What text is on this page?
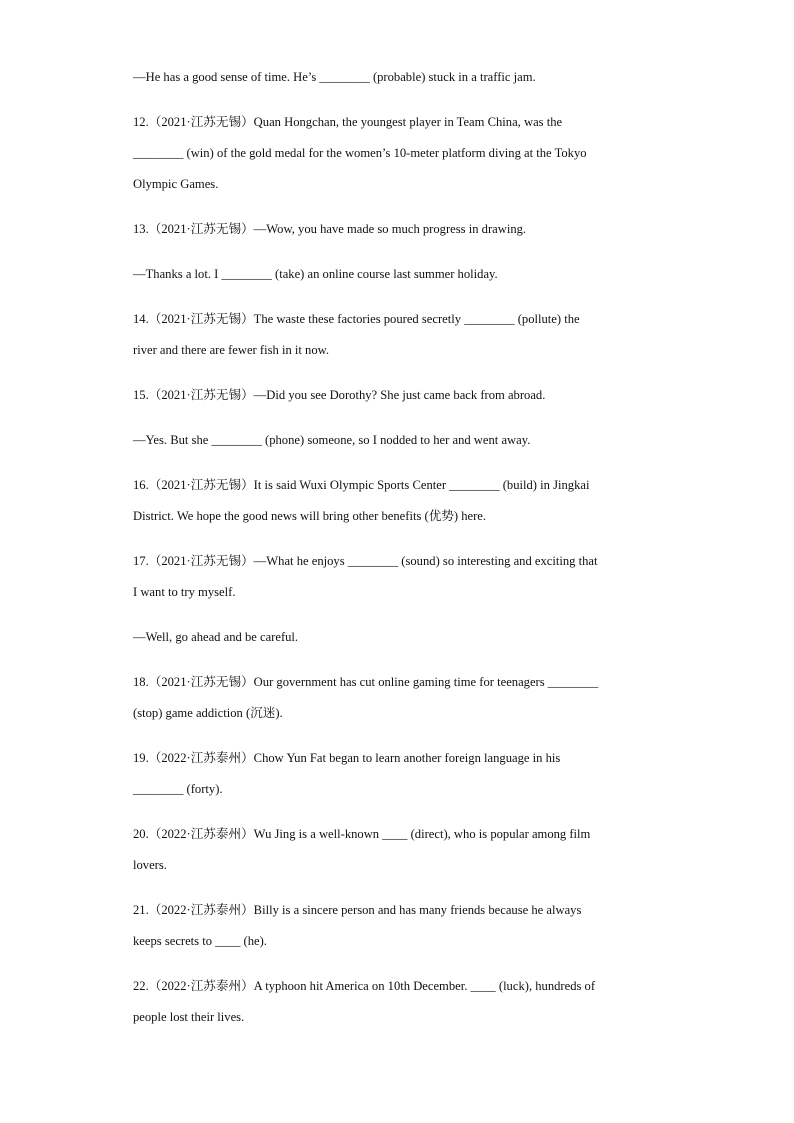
—He has a good sense of time. He’s ________ (probable) stuck in a traffic jam.
12.（2021·江苏无锡）Quan Hongchan, the youngest player in Team China, was the
________ (win) of the gold medal for the women’s 10-meter platform diving at the Tokyo
Olympic Games.
13.（2021·江苏无锡）—Wow, you have made so much progress in drawing.
—Thanks a lot. I ________ (take) an online course last summer holiday.
14.（2021·江苏无锡）The waste these factories poured secretly ________ (pollute) the
river and there are fewer fish in it now.
15.（2021·江苏无锡）—Did you see Dorothy? She just came back from abroad.
—Yes. But she ________ (phone) someone, so I nodded to her and went away.
16.（2021·江苏无锡）It is said Wuxi Olympic Sports Center ________ (build) in Jingkai
District. We hope the good news will bring other benefits (优势) here.
17.（2021·江苏无锡）—What he enjoys ________ (sound) so interesting and exciting that
I want to try myself.
—Well, go ahead and be careful.
18.（2021·江苏无锡）Our government has cut online gaming time for teenagers ________
(stop) game addiction (沉迷).
19.（2022·江苏泰州）Chow Yun Fat began to learn another foreign language in his
________ (forty).
20.（2022·江苏泰州）Wu Jing is a well-known ____ (direct), who is popular among film
lovers.
21.（2022·江苏泰州）Billy is a sincere person and has many friends because he always
keeps secrets to ____ (he).
22.（2022·江苏泰州）A typhoon hit America on 10th December. ____ (luck), hundreds of
people lost their lives.
